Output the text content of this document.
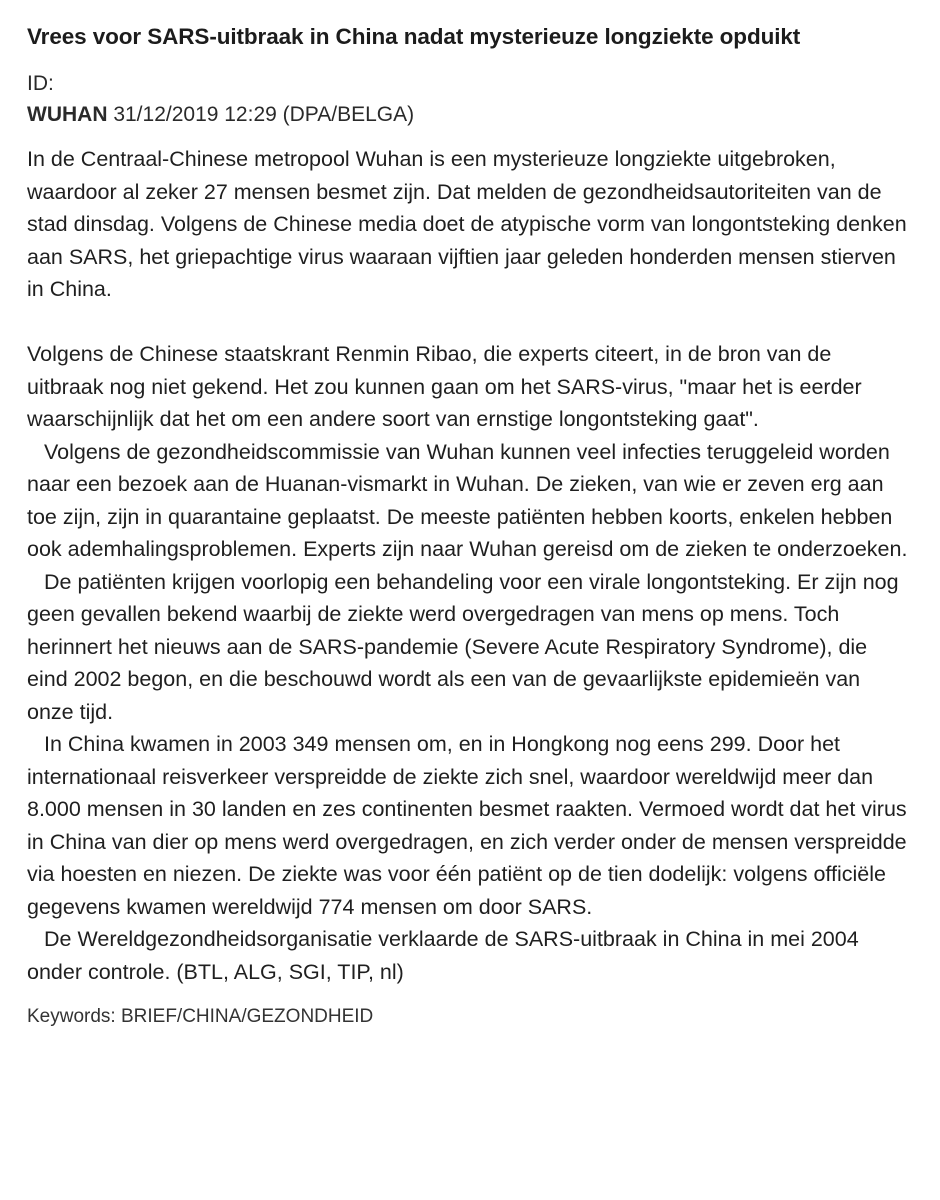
Vrees voor SARS-uitbraak in China nadat mysterieuze longziekte opduikt
ID:
WUHAN 31/12/2019 12:29 (DPA/BELGA)

In de Centraal-Chinese metropool Wuhan is een mysterieuze longziekte uitgebroken, waardoor al zeker 27 mensen besmet zijn. Dat melden de gezondheidsautoriteiten van de stad dinsdag. Volgens de Chinese media doet de atypische vorm van longontsteking denken aan SARS, het griepachtige virus waaraan vijftien jaar geleden honderden mensen stierven in China.

Volgens de Chinese staatskrant Renmin Ribao, die experts citeert, in de bron van de uitbraak nog niet gekend. Het zou kunnen gaan om het SARS-virus, "maar het is eerder waarschijnlijk dat het om een andere soort van ernstige longontsteking gaat".

Volgens de gezondheidscommissie van Wuhan kunnen veel infecties teruggeleid worden naar een bezoek aan de Huanan-vismarkt in Wuhan. De zieken, van wie er zeven erg aan toe zijn, zijn in quarantaine geplaatst. De meeste patiënten hebben koorts, enkelen hebben ook ademhalingsproblemen. Experts zijn naar Wuhan gereisd om de zieken te onderzoeken.

De patiënten krijgen voorlopig een behandeling voor een virale longontsteking. Er zijn nog geen gevallen bekend waarbij de ziekte werd overgedragen van mens op mens. Toch herinnert het nieuws aan de SARS-pandemie (Severe Acute Respiratory Syndrome), die eind 2002 begon, en die beschouwd wordt als een van de gevaarlijkste epidemieën van onze tijd.

In China kwamen in 2003 349 mensen om, en in Hongkong nog eens 299. Door het internationaal reisverkeer verspreidde de ziekte zich snel, waardoor wereldwijd meer dan 8.000 mensen in 30 landen en zes continenten besmet raakten. Vermoed wordt dat het virus in China van dier op mens werd overgedragen, en zich verder onder de mensen verspreidde via hoesten en niezen. De ziekte was voor één patiënt op de tien dodelijk: volgens officiële gegevens kwamen wereldwijd 774 mensen om door SARS.

De Wereldgezondheidsorganisatie verklaarde de SARS-uitbraak in China in mei 2004 onder controle. (BTL, ALG, SGI, TIP, nl)

Keywords: BRIEF/CHINA/GEZONDHEID
